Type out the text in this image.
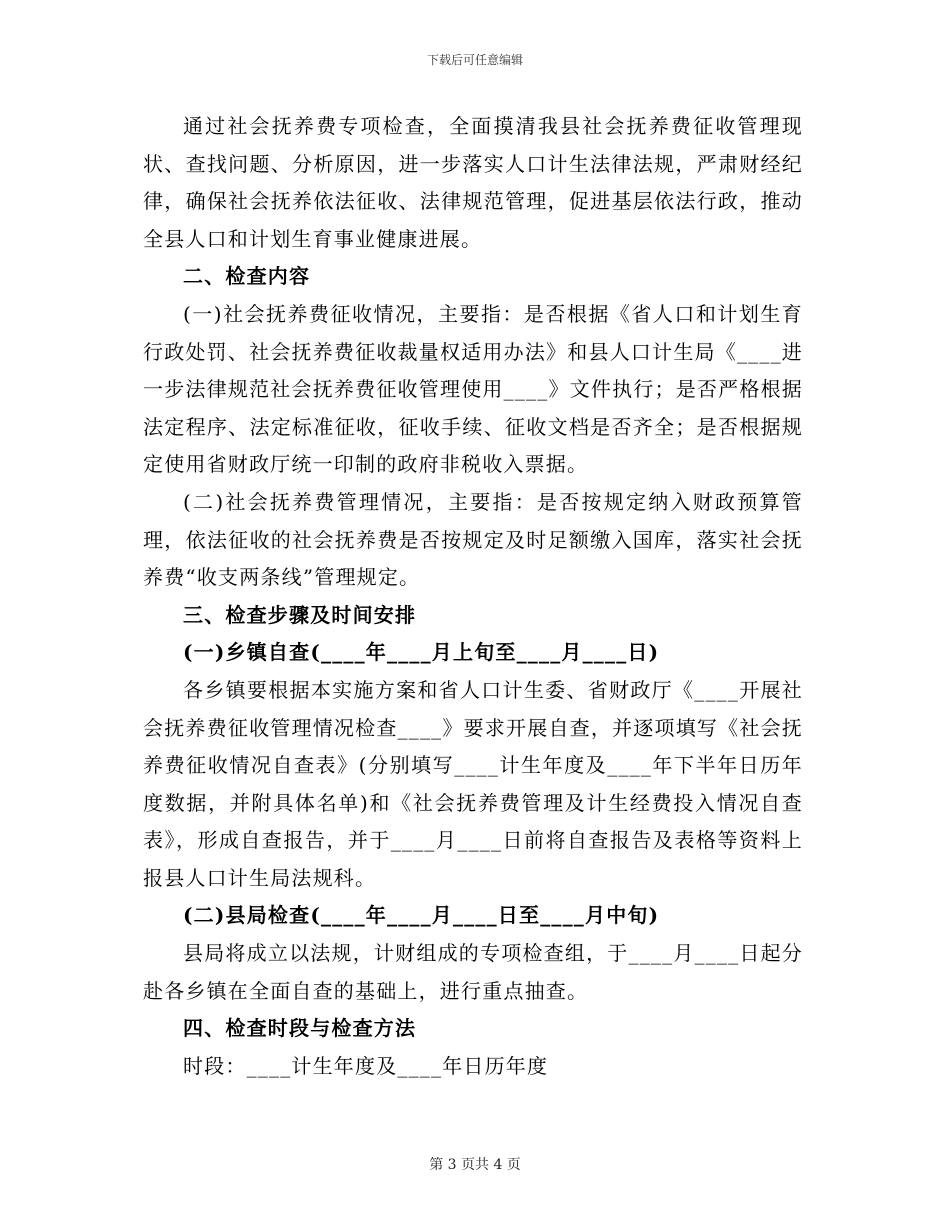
下载后可任意编辑

通过社会抚养费专项检查，全面摸清我县社会抚养费征收管理现状、查找问题、分析原因，进一步落实人口计生法律法规，严肃财经纪律，确保社会抚养依法征收、法律规范管理，促进基层依法行政，推动全县人口和计划生育事业健康进展。

二、检查内容

(一)社会抚养费征收情况，主要指：是否根据《省人口和计划生育行政处罚、社会抚养费征收裁量权适用办法》和县人口计生局《____进一步法律规范社会抚养费征收管理使用____》文件执行；是否严格根据法定程序、法定标准征收，征收手续、征收文档是否齐全；是否根据规定使用省财政厅统一印制的政府非税收入票据。

(二)社会抚养费管理情况，主要指：是否按规定纳入财政预算管理，依法征收的社会抚养费是否按规定及时足额缴入国库，落实社会抚养费“收支两条线”管理规定。

三、检查步骤及时间安排

(一)乡镇自查(____年____月上旬至____月____日)

各乡镇要根据本实施方案和省人口计生委、省财政厅《____开展社会抚养费征收管理情况检查____》要求开展自查，并逐项填写《社会抚养费征收情况自查表》(分别填写____计生年度及____年下半年日历年度数据，并附具体名单)和《社会抚养费管理及计生经费投入情况自查表》，形成自查报告，并于____月____日前将自查报告及表格等资料上报县人口计生局法规科。

(二)县局检查(____年____月____日至____月中旬)

县局将成立以法规，计财组成的专项检查组，于____月____日起分赴各乡镇在全面自查的基础上，进行重点抽查。

四、检查时段与检查方法

时段：____计生年度及____年日历年度

第 3 页共 4 页
